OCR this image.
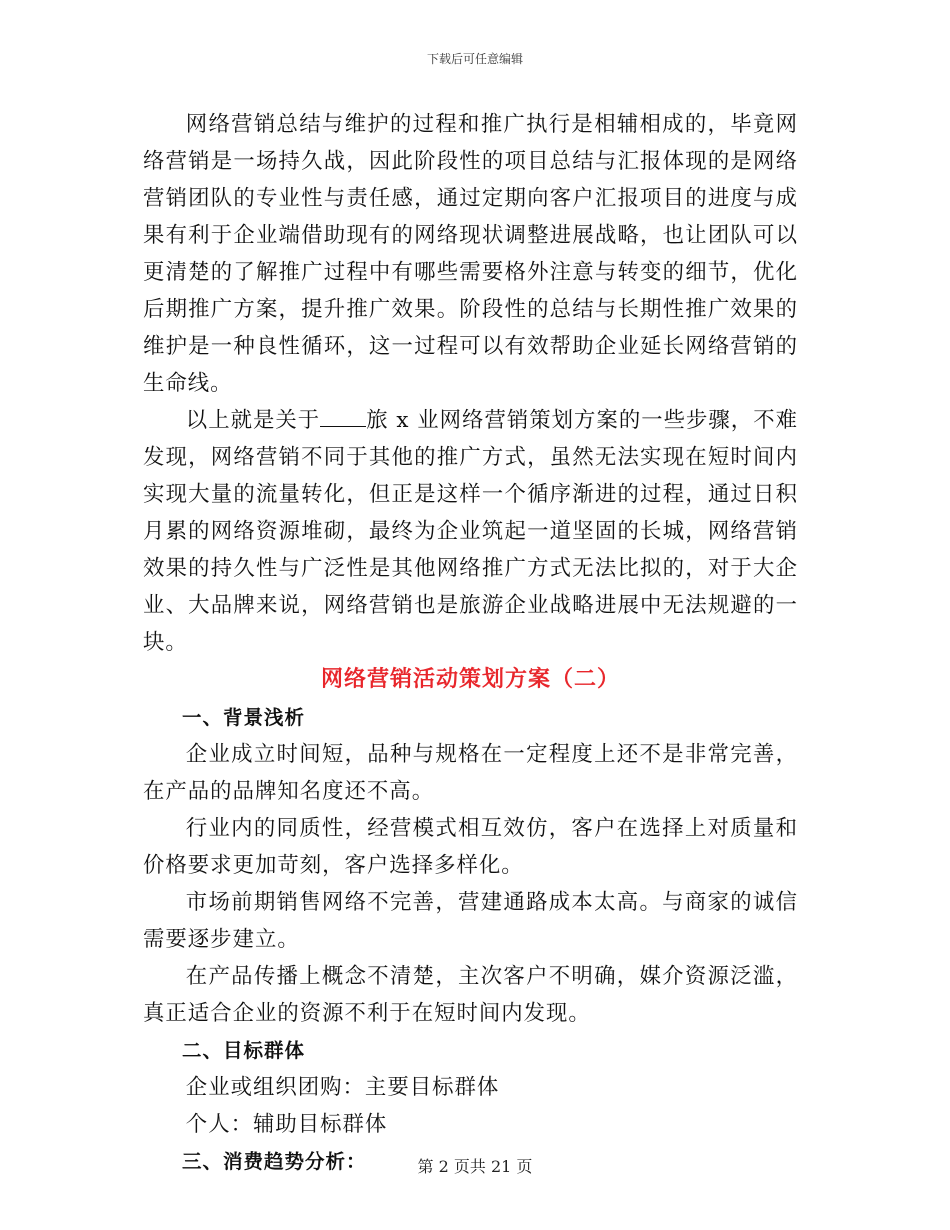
下载后可任意编辑

网络营销总结与维护的过程和推广执行是相辅相成的，毕竟网络营销是一场持久战，因此阶段性的项目总结与汇报体现的是网络营销团队的专业性与责任感，通过定期向客户汇报项目的进度与成果有利于企业端借助现有的网络现状调整进展战略，也让团队可以更清楚的了解推广过程中有哪些需要格外注意与转变的细节，优化后期推广方案，提升推广效果。阶段性的总结与长期性推广效果的维护是一种良性循环，这一过程可以有效帮助企业延长网络营销的生命线。

以上就是关于 旅 x 业网络营销策划方案的一些步骤，不难发现，网络营销不同于其他的推广方式，虽然无法实现在短时间内实现大量的流量转化，但正是这样一个循序渐进的过程，通过日积月累的网络资源堆砌，最终为企业筑起一道坚固的长城，网络营销效果的持久性与广泛性是其他网络推广方式无法比拟的，对于大企业、大品牌来说，网络营销也是旅游企业战略进展中无法规避的一块。

网络营销活动策划方案（二）

一、背景浅析

企业成立时间短，品种与规格在一定程度上还不是非常完善，在产品的品牌知名度还不高。

行业内的同质性，经营模式相互效仿，客户在选择上对质量和价格要求更加苛刻，客户选择多样化。

市场前期销售网络不完善，营建通路成本太高。与商家的诚信需要逐步建立。

在产品传播上概念不清楚，主次客户不明确，媒介资源泛滥，真正适合企业的资源不利于在短时间内发现。

二、目标群体

企业或组织团购：主要目标群体

个人：辅助目标群体

三、消费趋势分析：	第 2 页共 21 页
